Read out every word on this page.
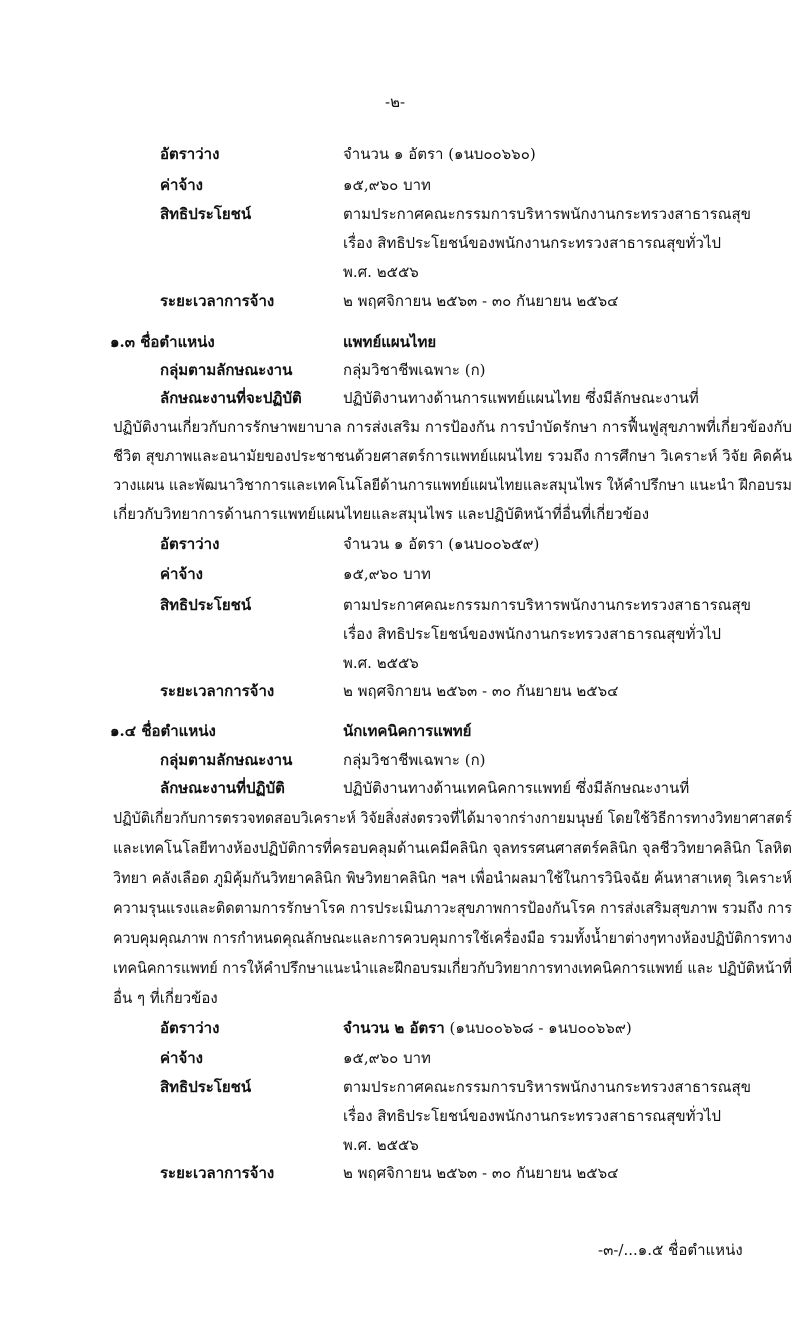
-๒-
อัตราว่าง	จำนวน ๑ อัตรา (๑นบ๐๐๖๖๐)
ค่าจ้าง	๑๕,๙๖๐ บาท
สิทธิประโยชน์	ตามประกาศคณะกรรมการบริหารพนักงานกระทรวงสาธารณสุข
เรื่อง สิทธิประโยชน์ของพนักงานกระทรวงสาธารณสุขทั่วไป
พ.ศ. ๒๕๕๖
ระยะเวลาการจ้าง	๒ พฤศจิกายน ๒๕๖๓ - ๓๐ กันยายน ๒๕๖๔
๑.๓ ชื่อตำแหน่ง	แพทย์แผนไทย
กลุ่มตามลักษณะงาน	กลุ่มวิชาชีพเฉพาะ (ก)
ลักษณะงานที่จะปฏิบัติ	ปฏิบัติงานทางด้านการแพทย์แผนไทย ซึ่งมีลักษณะงานที่
ปฏิบัติงานเกี่ยวกับการรักษาพยาบาล การส่งเสริม การป้องกัน การบำบัดรักษา การฟื้นฟูสุขภาพที่เกี่ยวข้องกับ
ชีวิต สุขภาพและอนามัยของประชาชนด้วยศาสตร์การแพทย์แผนไทย รวมถึง การศึกษา วิเคราะห์ วิจัย คิดค้น
วางแผน และพัฒนาวิชาการและเทคโนโลยีด้านการแพทย์แผนไทยและสมุนไพร ให้คำปรึกษา แนะนำ ฝึกอบรม
เกี่ยวกับวิทยาการด้านการแพทย์แผนไทยและสมุนไพร และปฏิบัติหน้าที่อื่นที่เกี่ยวข้อง
อัตราว่าง	จำนวน ๑ อัตรา (๑นบ๐๐๖๕๙)
ค่าจ้าง	๑๕,๙๖๐ บาท
สิทธิประโยชน์	ตามประกาศคณะกรรมการบริหารพนักงานกระทรวงสาธารณสุข
เรื่อง สิทธิประโยชน์ของพนักงานกระทรวงสาธารณสุขทั่วไป
พ.ศ. ๒๕๕๖
ระยะเวลาการจ้าง	๒ พฤศจิกายน ๒๕๖๓ - ๓๐ กันยายน ๒๕๖๔
๑.๔ ชื่อตำแหน่ง	นักเทคนิคการแพทย์
กลุ่มตามลักษณะงาน	กลุ่มวิชาชีพเฉพาะ (ก)
ลักษณะงานที่ปฏิบัติ	ปฏิบัติงานทางด้านเทคนิคการแพทย์ ซึ่งมีลักษณะงานที่
ปฏิบัติเกี่ยวกับการตรวจทดสอบวิเคราะห์ วิจัยสิ่งส่งตรวจที่ได้มาจากร่างกายมนุษย์ โดยใช้วิธีการทางวิทยาศาสตร์
และเทคโนโลยีทางห้องปฏิบัติการที่ครอบคลุมด้านเคมีคลินิก จุลทรรศนศาสตร์คลินิก จุลชีววิทยาคลินิก โลหิต
วิทยา คลังเลือด ภูมิคุ้มกันวิทยาคลินิก พิษวิทยาคลินิก ฯลฯ เพื่อนำผลมาใช้ในการวินิจฉัย ค้นหาสาเหตุ วิเคราะห์
ความรุนแรงและติดตามการรักษาโรค การประเมินภาวะสุขภาพการป้องกันโรค การส่งเสริมสุขภาพ รวมถึง การ
ควบคุมคุณภาพ การกำหนดคุณลักษณะและการควบคุมการใช้เครื่องมือ รวมทั้งน้ำยาต่างๆทางห้องปฏิบัติการทาง
เทคนิคการแพทย์ การให้คำปรึกษาแนะนำและฝึกอบรมเกี่ยวกับวิทยาการทางเทคนิคการแพทย์ และ ปฏิบัติหน้าที่
อื่น ๆ ที่เกี่ยวข้อง
อัตราว่าง	จำนวน ๒ อัตรา (๑นบ๐๐๖๖๘ - ๑นบ๐๐๖๖๙)
ค่าจ้าง	๑๕,๙๖๐ บาท
สิทธิประโยชน์	ตามประกาศคณะกรรมการบริหารพนักงานกระทรวงสาธารณสุข
เรื่อง สิทธิประโยชน์ของพนักงานกระทรวงสาธารณสุขทั่วไป
พ.ศ. ๒๕๕๖
ระยะเวลาการจ้าง	๒ พฤศจิกายน ๒๕๖๓ - ๓๐ กันยายน ๒๕๖๔
-๓-/...๑.๕ ชื่อตำแหน่ง
